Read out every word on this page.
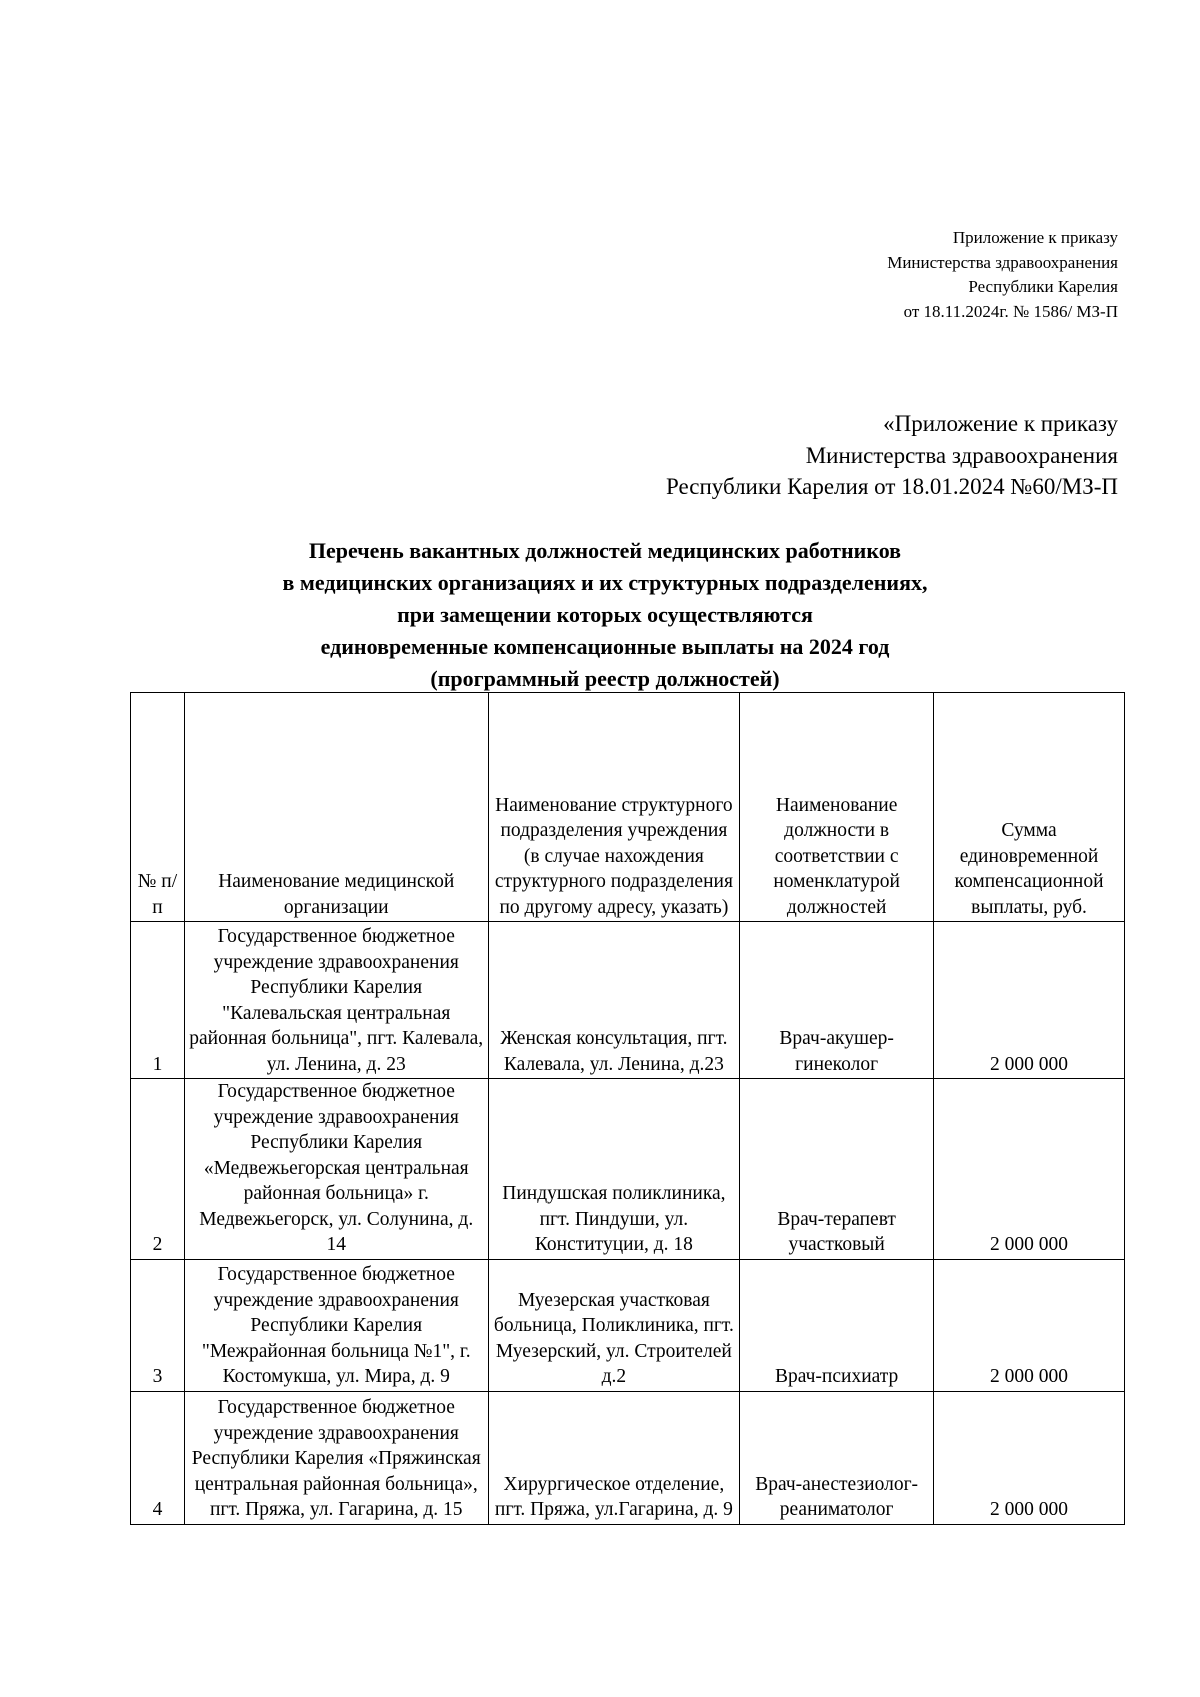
Приложение к приказу
Министерства здравоохранения
Республики Карелия
от 18.11.2024г. № 1586/ МЗ-П
«Приложение к приказу
Министерства здравоохранения
Республики Карелия от 18.01.2024 №60/МЗ-П
Перечень вакантных должностей медицинских работников
в медицинских организациях и их структурных подразделениях,
при замещении которых осуществляются
единовременные компенсационные выплаты на 2024 год
(программный реестр должностей)
№ п/п	Наименование медицинской организации	Наименование структурного подразделения учреждения (в случае нахождения структурного подразделения по другому адресу, указать)	Наименование должности в соответствии с номенклатурой должностей	Сумма единовременной компенсационной выплаты, руб.
1	Государственное бюджетное учреждение здравоохранения Республики Карелия "Калевальская центральная районная больница", пгт. Калевала, ул. Ленина, д. 23	Женская консультация, пгт. Калевала, ул. Ленина, д.23	Врач-акушер-гинеколог	2 000 000
2	Государственное бюджетное учреждение здравоохранения Республики Карелия «Медвежьегорская центральная районная больница» г. Медвежьегорск, ул. Солунина, д. 14	Пиндушская поликлиника, пгт. Пиндуши, ул. Конституции, д. 18	Врач-терапевт участковый	2 000 000
3	Государственное бюджетное учреждение здравоохранения Республики Карелия "Межрайонная больница №1", г. Костомукша, ул. Мира, д. 9	Муезерская участковая больница, Поликлиника, пгт. Муезерский, ул. Строителей д.2	Врач-психиатр	2 000 000
4	Государственное бюджетное учреждение здравоохранения Республики Карелия «Пряжинская центральная районная больница», пгт. Пряжа, ул. Гагарина, д. 15	Хирургическое отделение, пгт. Пряжа, ул.Гагарина, д. 9	Врач-анестезиолог-реаниматолог	2 000 000
